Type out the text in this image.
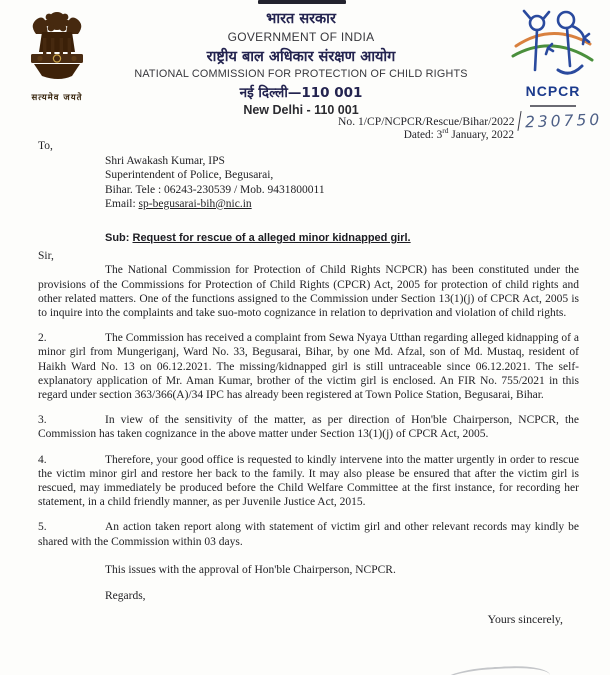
सत्यमेव जयते
भारत सरकार
GOVERNMENT OF INDIA
राष्ट्रीय बाल अधिकार संरक्षण आयोग
NATIONAL COMMISSION FOR PROTECTION OF CHILD RIGHTS
नई दिल्ली—110 001
New Delhi - 110 001
NCPCR
No. 1/CP/NCPCR/Rescue/Bihar/2022 230750
Dated: 3rd January, 2022
To,
Shri Awakash Kumar, IPS
Superintendent of Police, Begusarai,
Bihar. Tele : 06243-230539 / Mob. 9431800011
Email: sp-begusarai-bih@nic.in
Sub: Request for rescue of a alleged minor kidnapped girl.
Sir,
The National Commission for Protection of Child Rights NCPCR) has been constituted under the provisions of the Commissions for Protection of Child Rights (CPCR) Act, 2005 for protection of child rights and other related matters. One of the functions assigned to the Commission under Section 13(1)(j) of CPCR Act, 2005 is to inquire into the complaints and take suo-moto cognizance in relation to deprivation and violation of child rights.
2.	The Commission has received a complaint from Sewa Nyaya Utthan regarding alleged kidnapping of a minor girl from Mungeriganj, Ward No. 33, Begusarai, Bihar, by one Md. Afzal, son of Md. Mustaq, resident of Haikh Ward No. 13 on 06.12.2021. The missing/kidnapped girl is still untraceable since 06.12.2021. The self-explanatory application of Mr. Aman Kumar, brother of the victim girl is enclosed. An FIR No. 755/2021 in this regard under section 363/366(A)/34 IPC has already been registered at Town Police Station, Begusarai, Bihar.
3.	In view of the sensitivity of the matter, as per direction of Hon'ble Chairperson, NCPCR, the Commission has taken cognizance in the above matter under Section 13(1)(j) of CPCR Act, 2005.
4.	Therefore, your good office is requested to kindly intervene into the matter urgently in order to rescue the victim minor girl and restore her back to the family. It may also please be ensured that after the victim girl is rescued, may immediately be produced before the Child Welfare Committee at the first instance, for recording her statement, in a child friendly manner, as per Juvenile Justice Act, 2015.
5.	An action taken report along with statement of victim girl and other relevant records may kindly be shared with the Commission within 03 days.
This issues with the approval of Hon'ble Chairperson, NCPCR.
Regards,
Yours sincerely,
